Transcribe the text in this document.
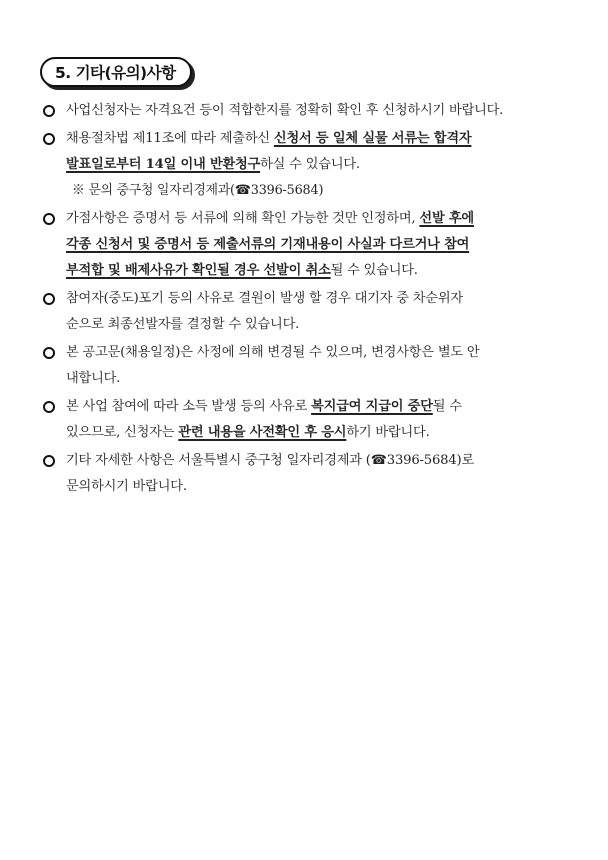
5. 기타(유의)사항
사업신청자는 자격요건 등이 적합한지를 정확히 확인 후 신청하시기 바랍니다.
채용절차법 제11조에 따라 제출하신 신청서 등 일체 실물 서류는 합격자
발표일로부터 14일 이내 반환청구하실 수 있습니다.
※ 문의 중구청 일자리경제과(☎3396-5684)
가점사항은 증명서 등 서류에 의해 확인 가능한 것만 인정하며, 선발 후에
각종 신청서 및 증명서 등 제출서류의 기재내용이 사실과 다르거나 참여
부적합 및 배제사유가 확인될 경우 선발이 취소될 수 있습니다.
참여자(중도)포기 등의 사유로 결원이 발생 할 경우 대기자 중 차순위자
순으로 최종선발자를 결정할 수 있습니다.
본 공고문(채용일정)은 사정에 의해 변경될 수 있으며, 변경사항은 별도 안
내합니다.
본 사업 참여에 따라 소득 발생 등의 사유로 복지급여 지급이 중단될 수
있으므로, 신청자는 관련 내용을 사전확인 후 응시하기 바랍니다.
기타 자세한 사항은 서울특별시 중구청 일자리경제과 (☎3396-5684)로
문의하시기 바랍니다.
